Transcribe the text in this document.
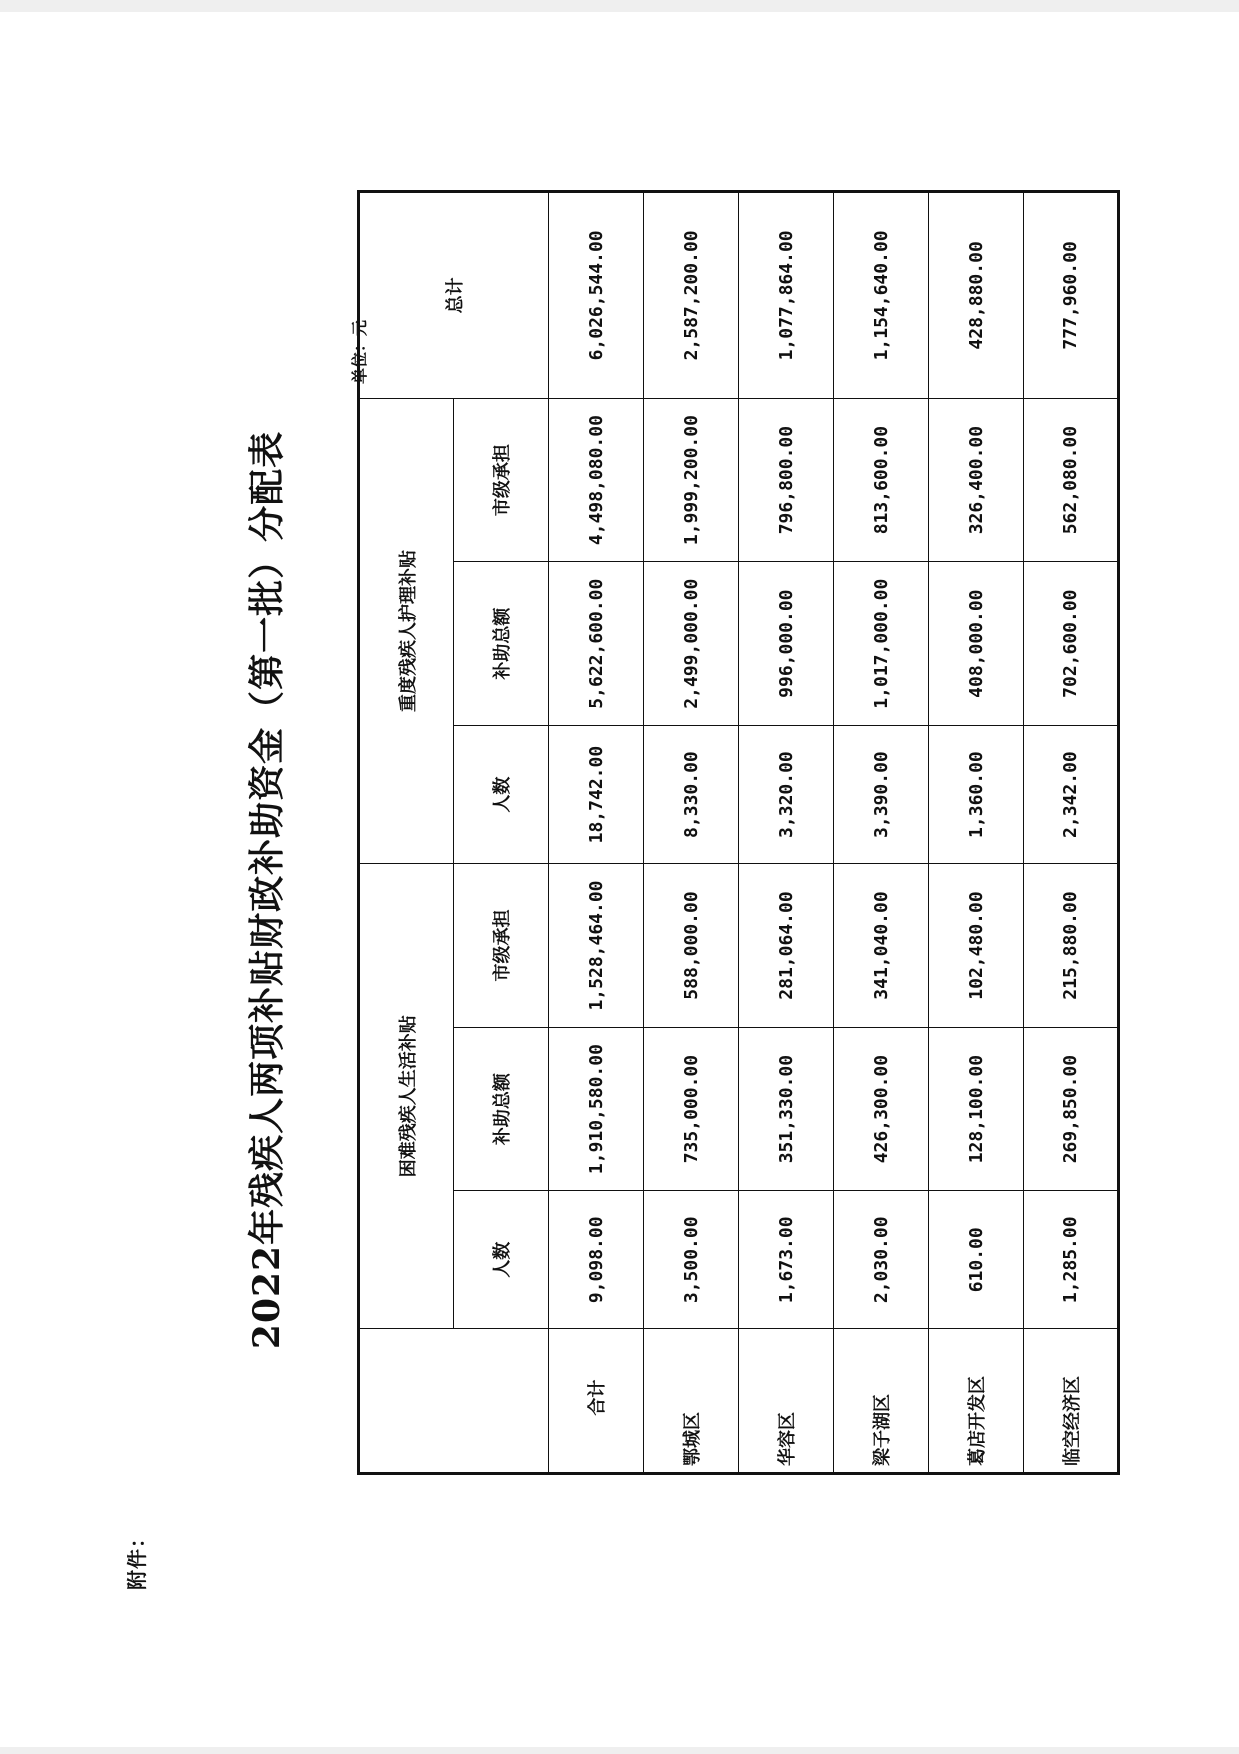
附件：
2022年残疾人两项补贴财政补助资金（第一批）分配表
单位：元
	困难残疾人生活补贴			重度残疾人护理补贴			总计
	人数	补助总额	市级承担	人数	补助总额	市级承担	
合计	9,098.00	1,910,580.00	1,528,464.00	18,742.00	5,622,600.00	4,498,080.00	6,026,544.00
鄂城区	3,500.00	735,000.00	588,000.00	8,330.00	2,499,000.00	1,999,200.00	2,587,200.00
华容区	1,673.00	351,330.00	281,064.00	3,320.00	996,000.00	796,800.00	1,077,864.00
梁子湖区	2,030.00	426,300.00	341,040.00	3,390.00	1,017,000.00	813,600.00	1,154,640.00
葛店开发区	610.00	128,100.00	102,480.00	1,360.00	408,000.00	326,400.00	428,880.00
临空经济区	1,285.00	269,850.00	215,880.00	2,342.00	702,600.00	562,080.00	777,960.00
